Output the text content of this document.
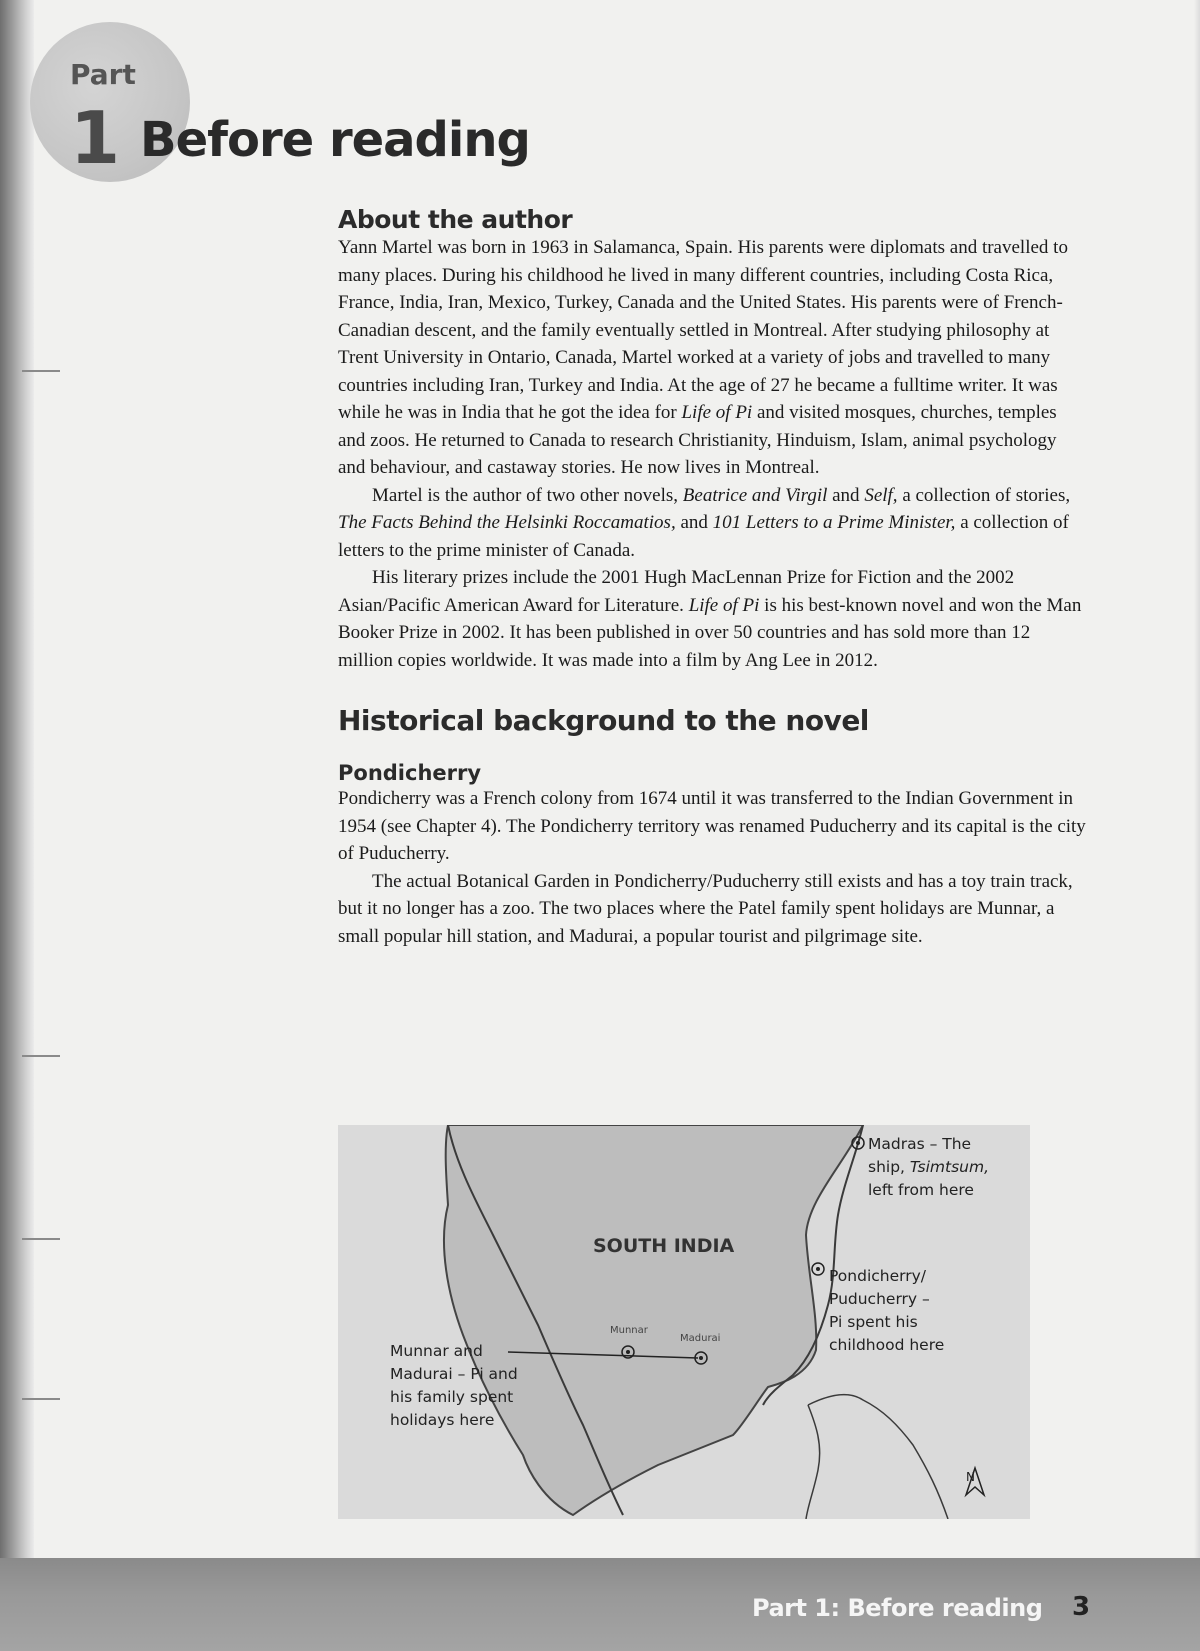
Part
1 Before reading
About the author

Yann Martel was born in 1963 in Salamanca, Spain. His parents were diplomats and travelled to many places. During his childhood he lived in many different countries, including Costa Rica, France, India, Iran, Mexico, Turkey, Canada and the United States. His parents were of French-Canadian descent, and the family eventually settled in Montreal. After studying philosophy at Trent University in Ontario, Canada, Martel worked at a variety of jobs and travelled to many countries including Iran, Turkey and India. At the age of 27 he became a fulltime writer. It was while he was in India that he got the idea for Life of Pi and visited mosques, churches, temples and zoos. He returned to Canada to research Christianity, Hinduism, Islam, animal psychology and behaviour, and castaway stories. He now lives in Montreal.

Martel is the author of two other novels, Beatrice and Virgil and Self, a collection of stories, The Facts Behind the Helsinki Roccamatios, and 101 Letters to a Prime Minister, a collection of letters to the prime minister of Canada.

His literary prizes include the 2001 Hugh MacLennan Prize for Fiction and the 2002 Asian/Pacific American Award for Literature. Life of Pi is his best-known novel and won the Man Booker Prize in 2002. It has been published in over 50 countries and has sold more than 12 million copies worldwide. It was made into a film by Ang Lee in 2012.

Historical background to the novel
Pondicherry

Pondicherry was a French colony from 1674 until it was transferred to the Indian Government in 1954 (see Chapter 4). The Pondicherry territory was renamed Puducherry and its capital is the city of Puducherry.

The actual Botanical Garden in Pondicherry/Puducherry still exists and has a toy train track, but it no longer has a zoo. The two places where the Patel family spent holidays are Munnar, a small popular hill station, and Madurai, a popular tourist and pilgrimage site.

SOUTH INDIA
Madras – The
ship, Tsimtsum,
left from here
Pondicherry/
Puducherry –
Pi spent his
childhood here
Munnar and
Madurai – Pi and
his family spent
holidays here
Munnar
Madurai
N
Part 1: Before reading 3
